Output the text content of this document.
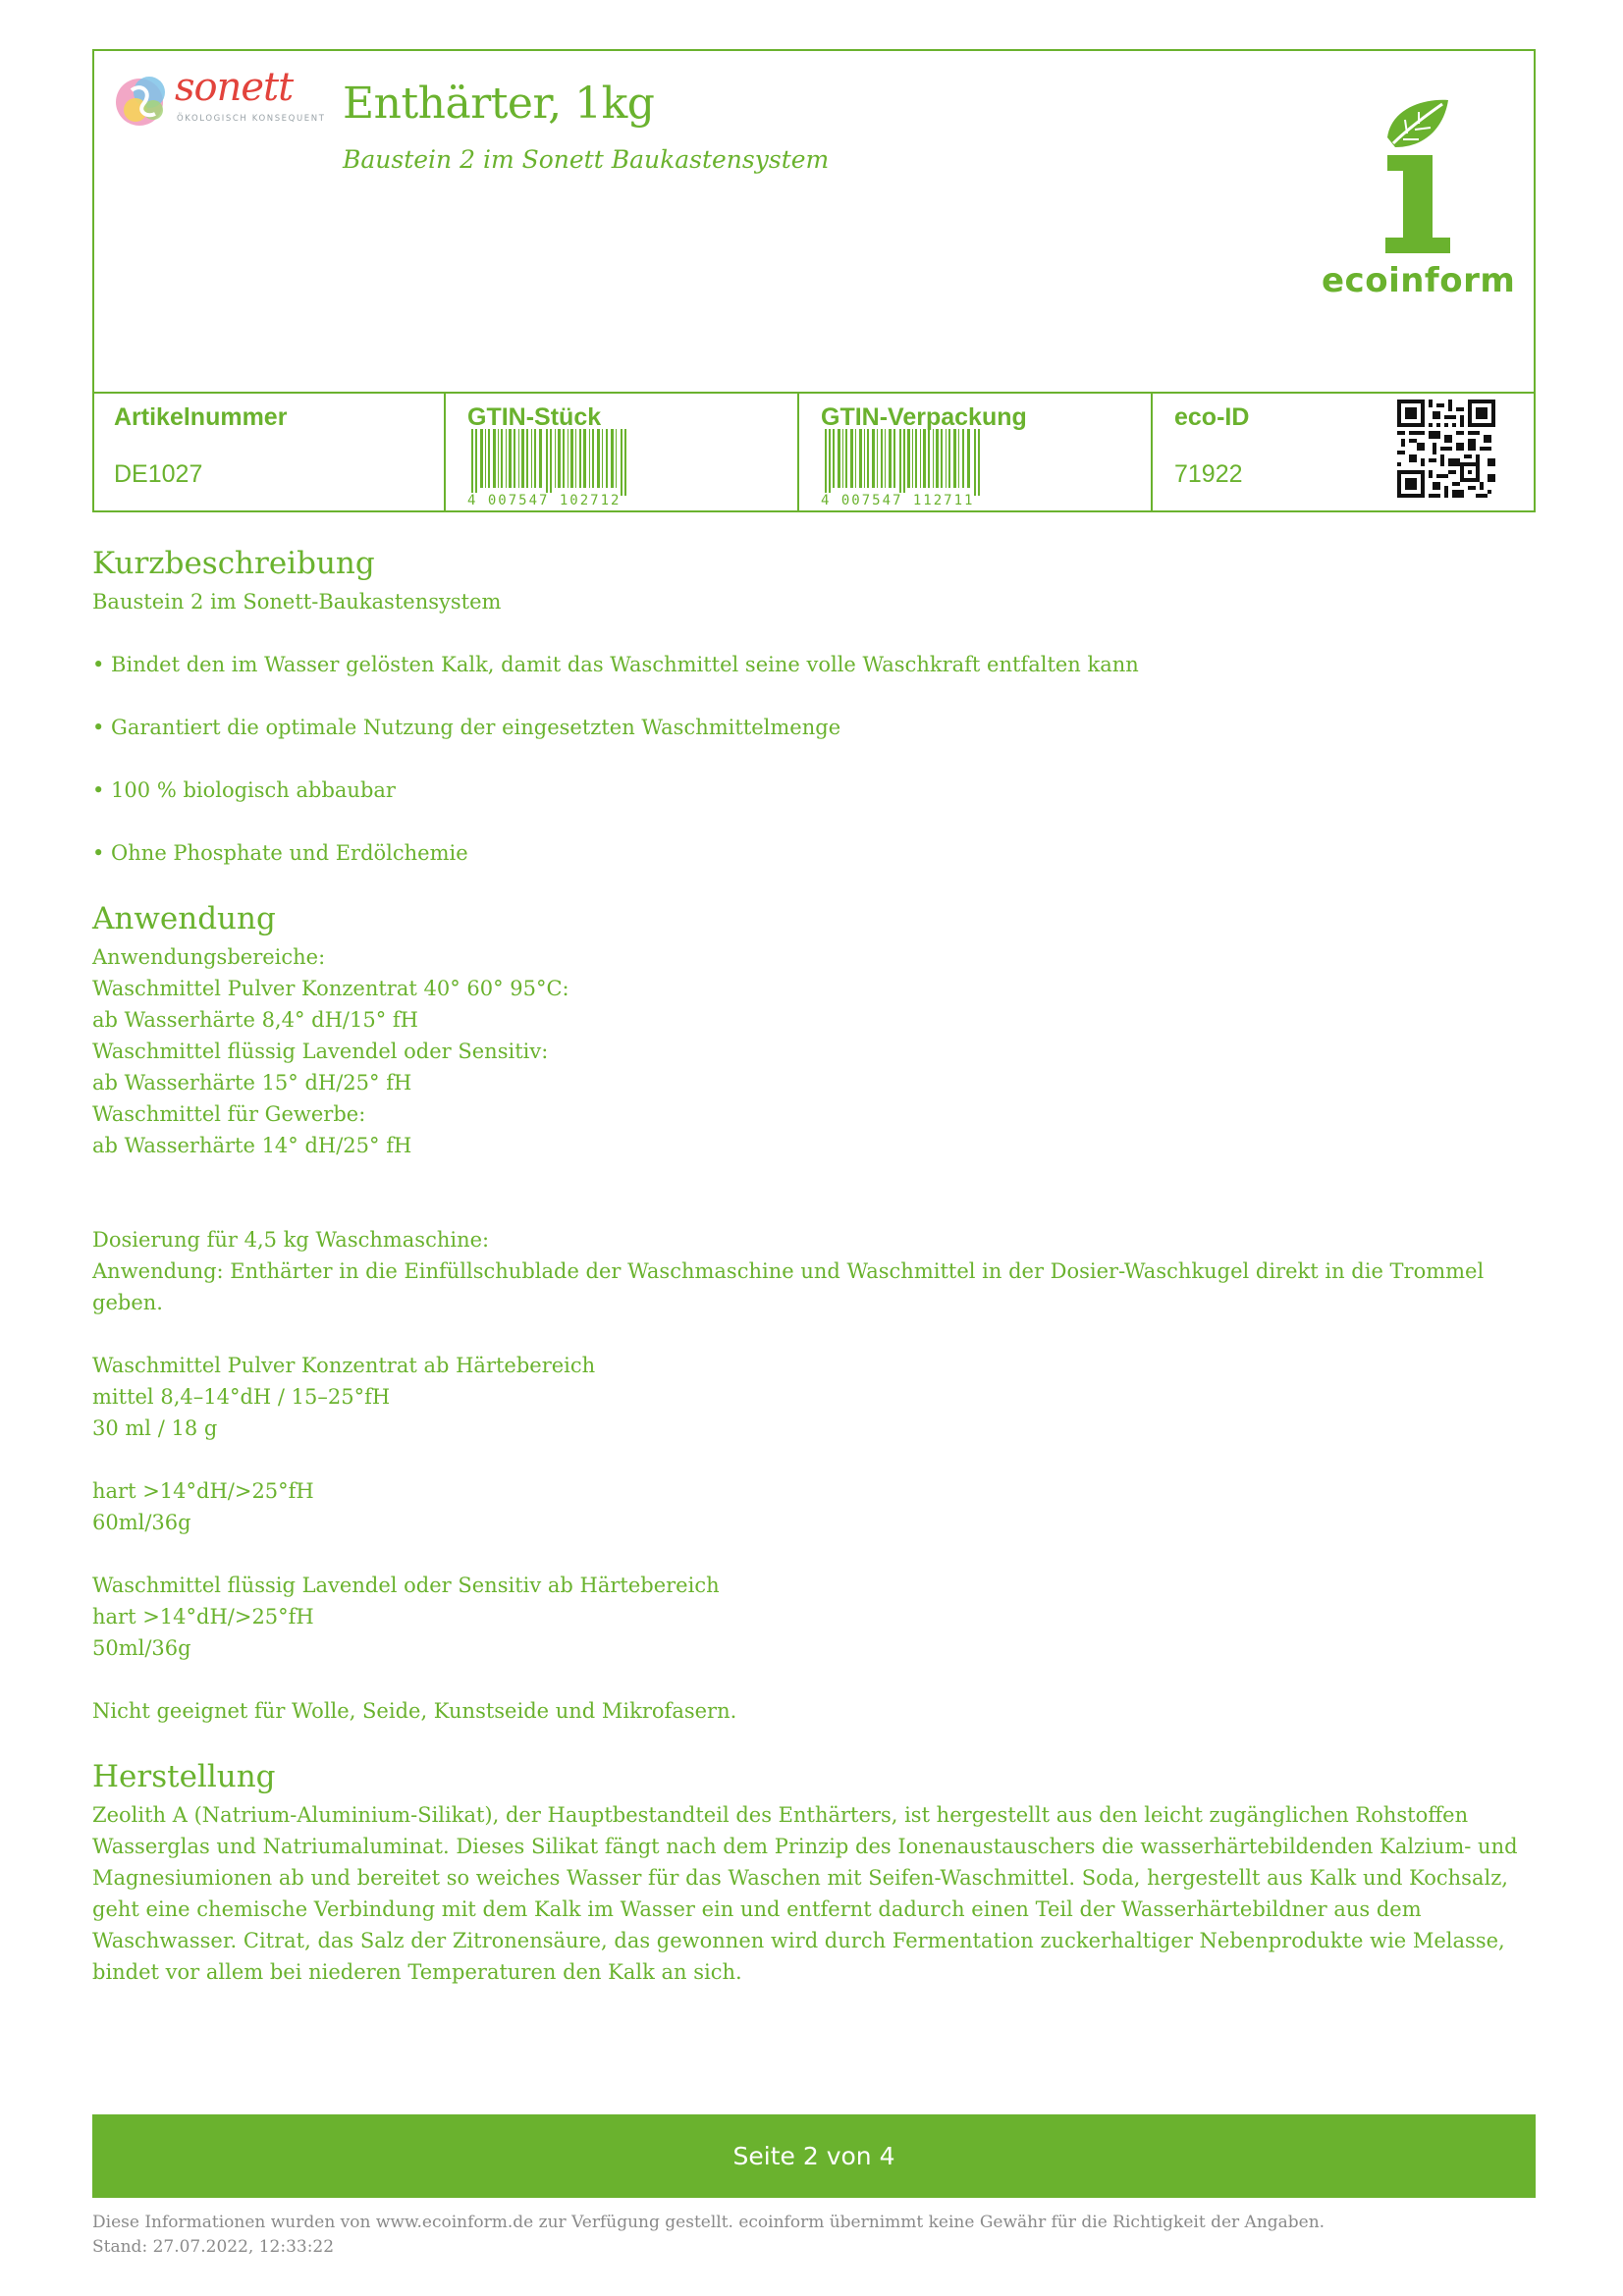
sonett
ÖKOLOGISCH KONSEQUENT Enthärter, 1kg
Baustein 2 im Sonett Baukastensystem
ecoinform
Artikelnummer
DE1027
GTIN-Stück
4 007547 102712
GTIN-Verpackung
4 007547 112711
eco-ID
71922
Kurzbeschreibung
Baustein 2 im Sonett-Baukastensystem
• Bindet den im Wasser gelösten Kalk, damit das Waschmittel seine volle Waschkraft entfalten kann
• Garantiert die optimale Nutzung der eingesetzten Waschmittelmenge
• 100 % biologisch abbaubar
• Ohne Phosphate und Erdölchemie
Anwendung
Anwendungsbereiche:
Waschmittel Pulver Konzentrat 40° 60° 95°C:
ab Wasserhärte 8,4° dH/15° fH
Waschmittel flüssig Lavendel oder Sensitiv:
ab Wasserhärte 15° dH/25° fH
Waschmittel für Gewerbe:
ab Wasserhärte 14° dH/25° fH
Dosierung für 4,5 kg Waschmaschine:
Anwendung: Enthärter in die Einfüllschublade der Waschmaschine und Waschmittel in der Dosier-Waschkugel direkt in die Trommel geben.
Waschmittel Pulver Konzentrat ab Härtebereich
mittel 8,4–14°dH / 15–25°fH
30 ml / 18 g
hart >14°dH/>25°fH
60ml/36g
Waschmittel flüssig Lavendel oder Sensitiv ab Härtebereich
hart >14°dH/>25°fH
50ml/36g
Nicht geeignet für Wolle, Seide, Kunstseide und Mikrofasern.
Herstellung
Zeolith A (Natrium-Aluminium-Silikat), der Hauptbestandteil des Enthärters, ist hergestellt aus den leicht zugänglichen Rohstoffen Wasserglas und Natriumaluminat. Dieses Silikat fängt nach dem Prinzip des Ionenaustauschers die wasserhärtebildenden Kalzium- und Magnesiumionen ab und bereitet so weiches Wasser für das Waschen mit Seifen-Waschmittel. Soda, hergestellt aus Kalk und Kochsalz, geht eine chemische Verbindung mit dem Kalk im Wasser ein und entfernt dadurch einen Teil der Wasserhärtebildner aus dem Waschwasser. Citrat, das Salz der Zitronensäure, das gewonnen wird durch Fermentation zuckerhaltiger Nebenprodukte wie Melasse, bindet vor allem bei niederen Temperaturen den Kalk an sich.
Seite 2 von 4
Diese Informationen wurden von www.ecoinform.de zur Verfügung gestellt. ecoinform übernimmt keine Gewähr für die Richtigkeit der Angaben.
Stand: 27.07.2022, 12:33:22
